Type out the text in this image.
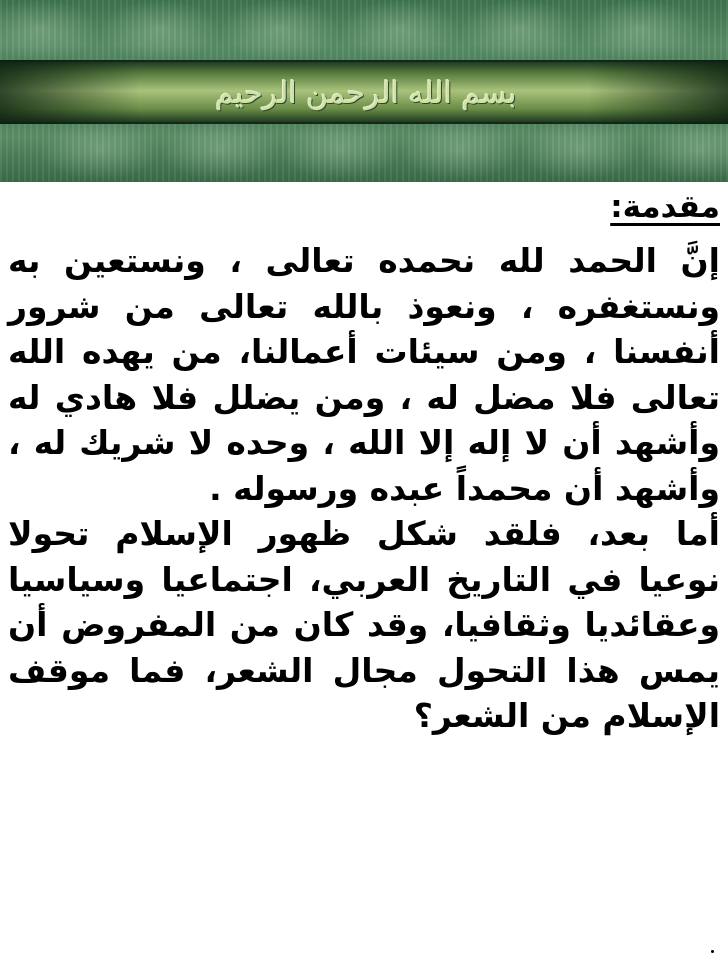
بسم الله الرحمن الرحيم

مقدمة:

إنَّ الحمد لله نحمده تعالى ، ونستعين به ونستغفره ، ونعوذ بالله تعالى من شرور أنفسنا ، ومن سيئات أعمالنا، من يهده الله تعالى فلا مضل له ، ومن يضلل فلا هادي له وأشهد أن لا إله إلا الله ، وحده لا شريك له ، وأشهد أن محمداً عبده ورسوله .

أما بعد، فلقد شكل ظهور الإسلام تحولا نوعيا في التاريخ العربي، اجتماعيا وسياسيا وعقائديا وثقافيا، وقد كان من المفروض أن يمس هذا التحول مجال الشعر، فما موقف الإسلام من الشعر؟
